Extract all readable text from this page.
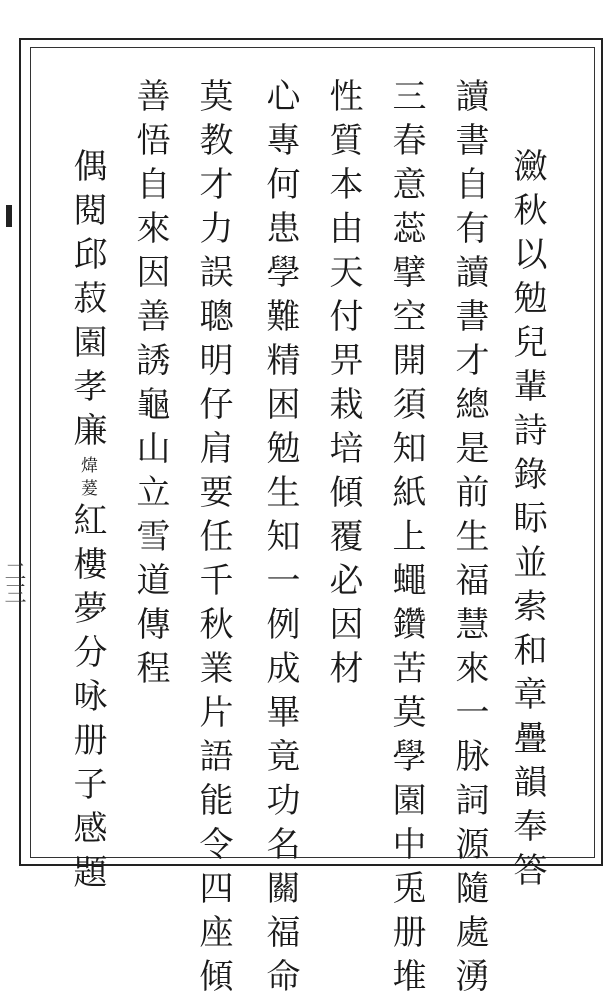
二三	瀲秋以勉兒輩詩錄眎並索和章疊韻奉答
讀書自有讀書才總是前生福慧來一脉詞源隨處湧
三春意蕊擘空開須知紙上蠅鑽苦莫學園中兎册堆
性質本由天付畀栽培傾覆必因材
心專何患學難精困勉生知一例成畢竟功名關福命
莫教才力誤聰明仔肩要任千秋業片語能令四座傾
善悟自來因善誘龜山立雪道傳程
偶閱邱菽園孝廉煒萲紅樓夢分咏册子感題
